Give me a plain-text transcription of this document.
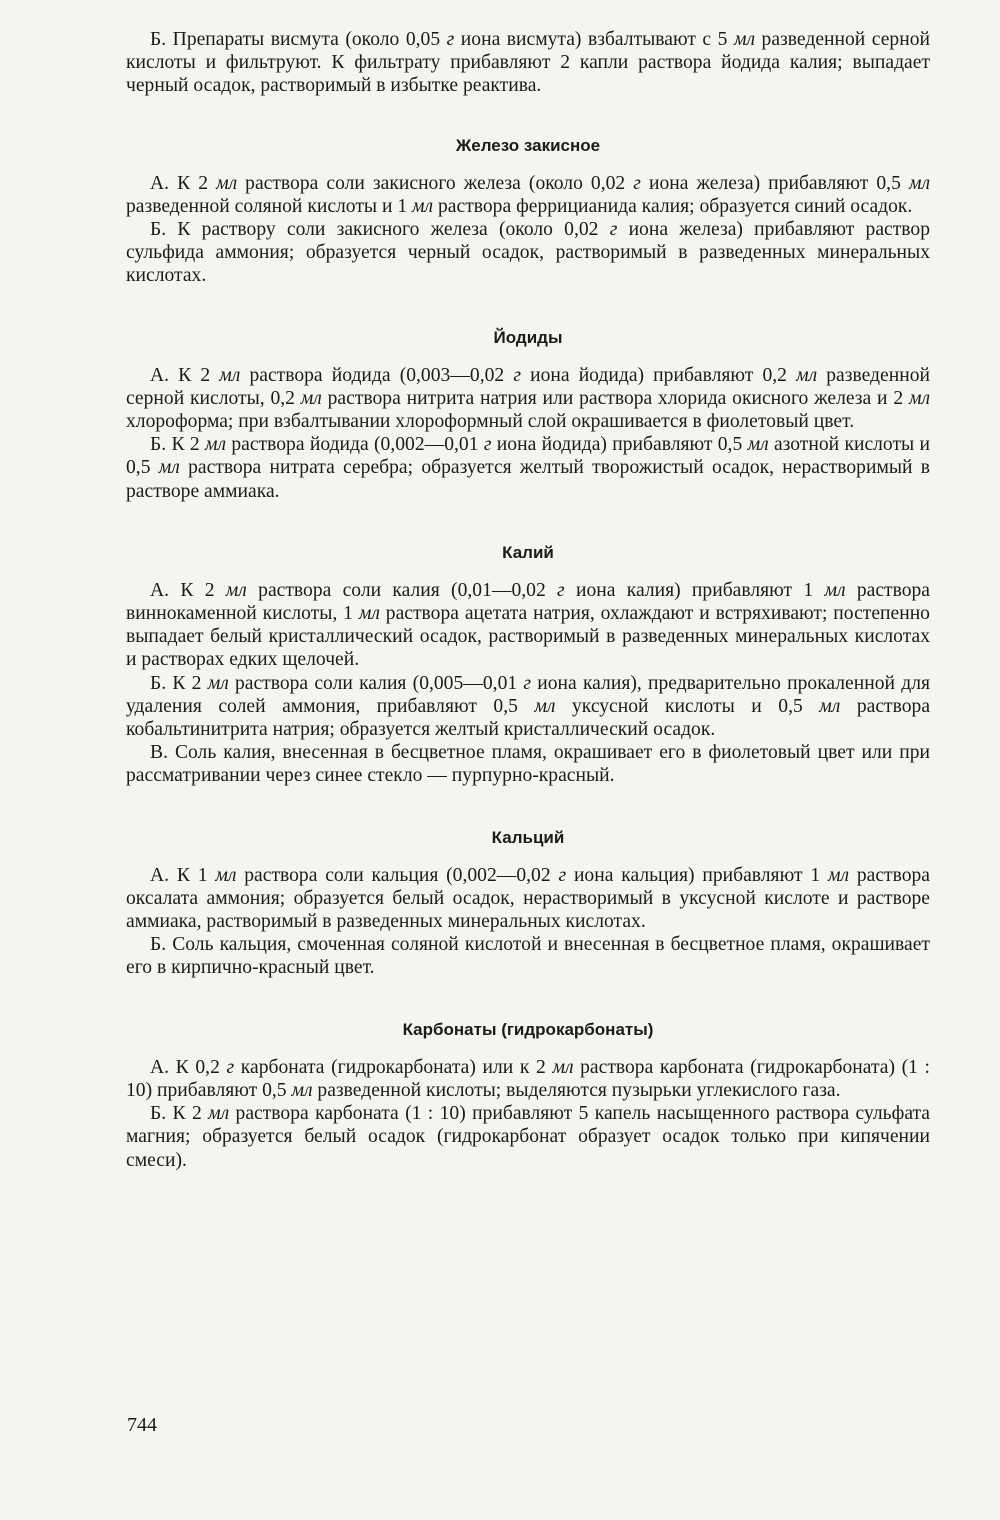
Б. Препараты висмута (около 0,05 г иона висмута) взбалтывают с 5 мл разведенной серной кислоты и фильтруют. К фильтрату прибавляют 2 капли раствора йодида калия; выпадает черный осадок, растворимый в избытке реактива.

Железо закисное

А. К 2 мл раствора соли закисного железа (около 0,02 г иона железа) прибавляют 0,5 мл разведенной соляной кислоты и 1 мл раствора феррицианида калия; образуется синий осадок.

Б. К раствору соли закисного железа (около 0,02 г иона железа) прибавляют раствор сульфида аммония; образуется черный осадок, растворимый в разведенных минеральных кислотах.

Йодиды

А. К 2 мл раствора йодида (0,003—0,02 г иона йодида) прибавляют 0,2 мл разведенной серной кислоты, 0,2 мл раствора нитрита натрия или раствора хлорида окисного железа и 2 мл хлороформа; при взбалтывании хлороформный слой окрашивается в фиолетовый цвет.

Б. К 2 мл раствора йодида (0,002—0,01 г иона йодида) прибавляют 0,5 мл азотной кислоты и 0,5 мл раствора нитрата серебра; образуется желтый творожистый осадок, нерастворимый в растворе аммиака.

Калий

А. К 2 мл раствора соли калия (0,01—0,02 г иона калия) прибавляют 1 мл раствора виннокаменной кислоты, 1 мл раствора ацетата натрия, охлаждают и встряхивают; постепенно выпадает белый кристаллический осадок, растворимый в разведенных минеральных кислотах и растворах едких щелочей.

Б. К 2 мл раствора соли калия (0,005—0,01 г иона калия), предварительно прокаленной для удаления солей аммония, прибавляют 0,5 мл уксусной кислоты и 0,5 мл раствора кобальтинитрита натрия; образуется желтый кристаллический осадок.

В. Соль калия, внесенная в бесцветное пламя, окрашивает его в фиолетовый цвет или при рассматривании через синее стекло — пурпурно-красный.

Кальций

А. К 1 мл раствора соли кальция (0,002—0,02 г иона кальция) прибавляют 1 мл раствора оксалата аммония; образуется белый осадок, нерастворимый в уксусной кислоте и растворе аммиака, растворимый в разведенных минеральных кислотах.

Б. Соль кальция, смоченная соляной кислотой и внесенная в бесцветное пламя, окрашивает его в кирпично-красный цвет.

Карбонаты (гидрокарбонаты)

А. К 0,2 г карбоната (гидрокарбоната) или к 2 мл раствора карбоната (гидрокарбоната) (1 : 10) прибавляют 0,5 мл разведенной кислоты; выделяются пузырьки углекислого газа.

Б. К 2 мл раствора карбоната (1 : 10) прибавляют 5 капель насыщенного раствора сульфата магния; образуется белый осадок (гидрокарбонат образует осадок только при кипячении смеси).

744
